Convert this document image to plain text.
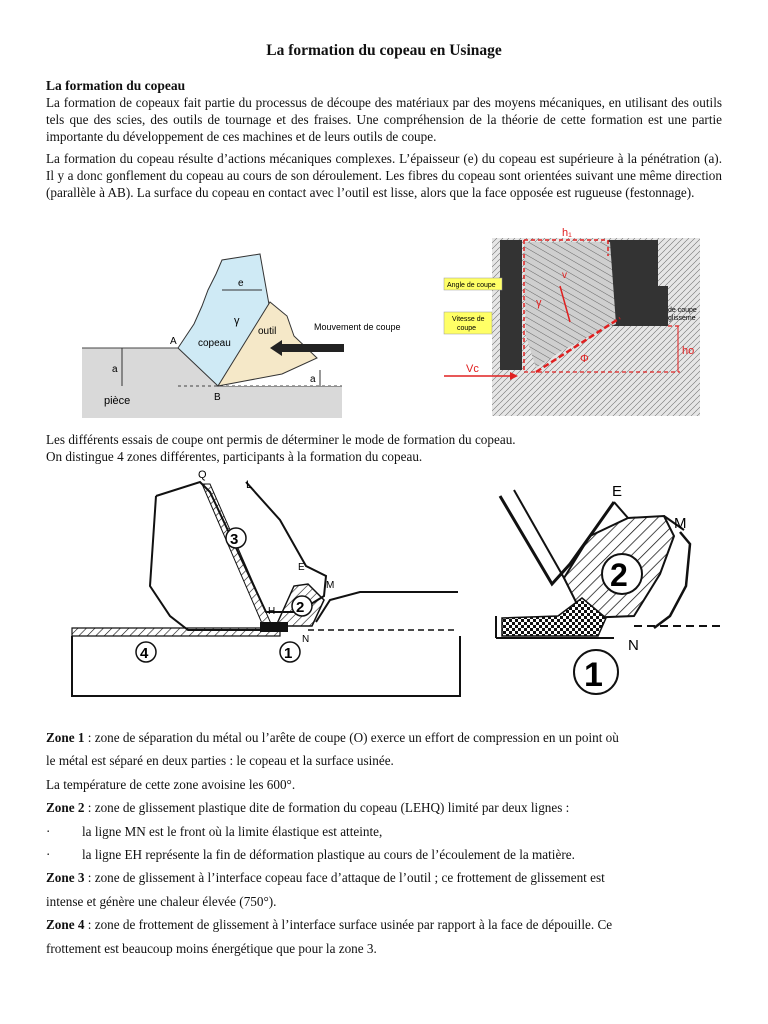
La formation du copeau en Usinage
La formation du copeau
La formation de copeaux fait partie du processus de découpe des matériaux par des moyens mécaniques, en utilisant des outils tels que des scies, des outils de tournage et des fraises. Une compréhension de la théorie de cette formation est une partie importante du développement de ces machines et de leurs outils de coupe.
La formation du copeau résulte d’actions mécaniques complexes. L’épaisseur (e) du copeau est supérieure à la pénétration (a). Il y a donc gonflement du copeau au cours de son déroulement. Les fibres du copeau sont orientées suivant une même direction (parallèle à AB). La surface du copeau en contact avec l’outil est lisse, alors que la face opposée est rugueuse (festonnage).
e
γ
copeau
outil	Mouvement de coupe
A
B
a
a
pièce
h₁
Angle de coupe
Vitesse de
coupe
γ
v
Φ
Vc
ho
de coupe
glisseme
Les différents essais de coupe ont permis de déterminer le mode de formation du copeau.
On distingue 4 zones différentes, participants à la formation du copeau.
3
2
1
4
Q
L
E
M
N
H
2
1
E
M
N
Zone 1 : zone de séparation du métal ou l’arête de coupe (O) exerce un effort de compression en un point où
le métal est séparé en deux parties : le copeau et la surface usinée.
La température de cette zone avoisine les 600°.
Zone 2 : zone de glissement plastique dite de formation du copeau (LEHQ) limité par deux lignes :
· la ligne MN est le front où la limite élastique est atteinte,
· la ligne EH représente la fin de déformation plastique au cours de l’écoulement de la matière.
Zone 3 : zone de glissement à l’interface copeau face d’attaque de l’outil ; ce frottement de glissement est
intense et génère une chaleur élevée (750°).
Zone 4 : zone de frottement de glissement à l’interface surface usinée par rapport à la face de dépouille. Ce
frottement est beaucoup moins énergétique que pour la zone 3.
